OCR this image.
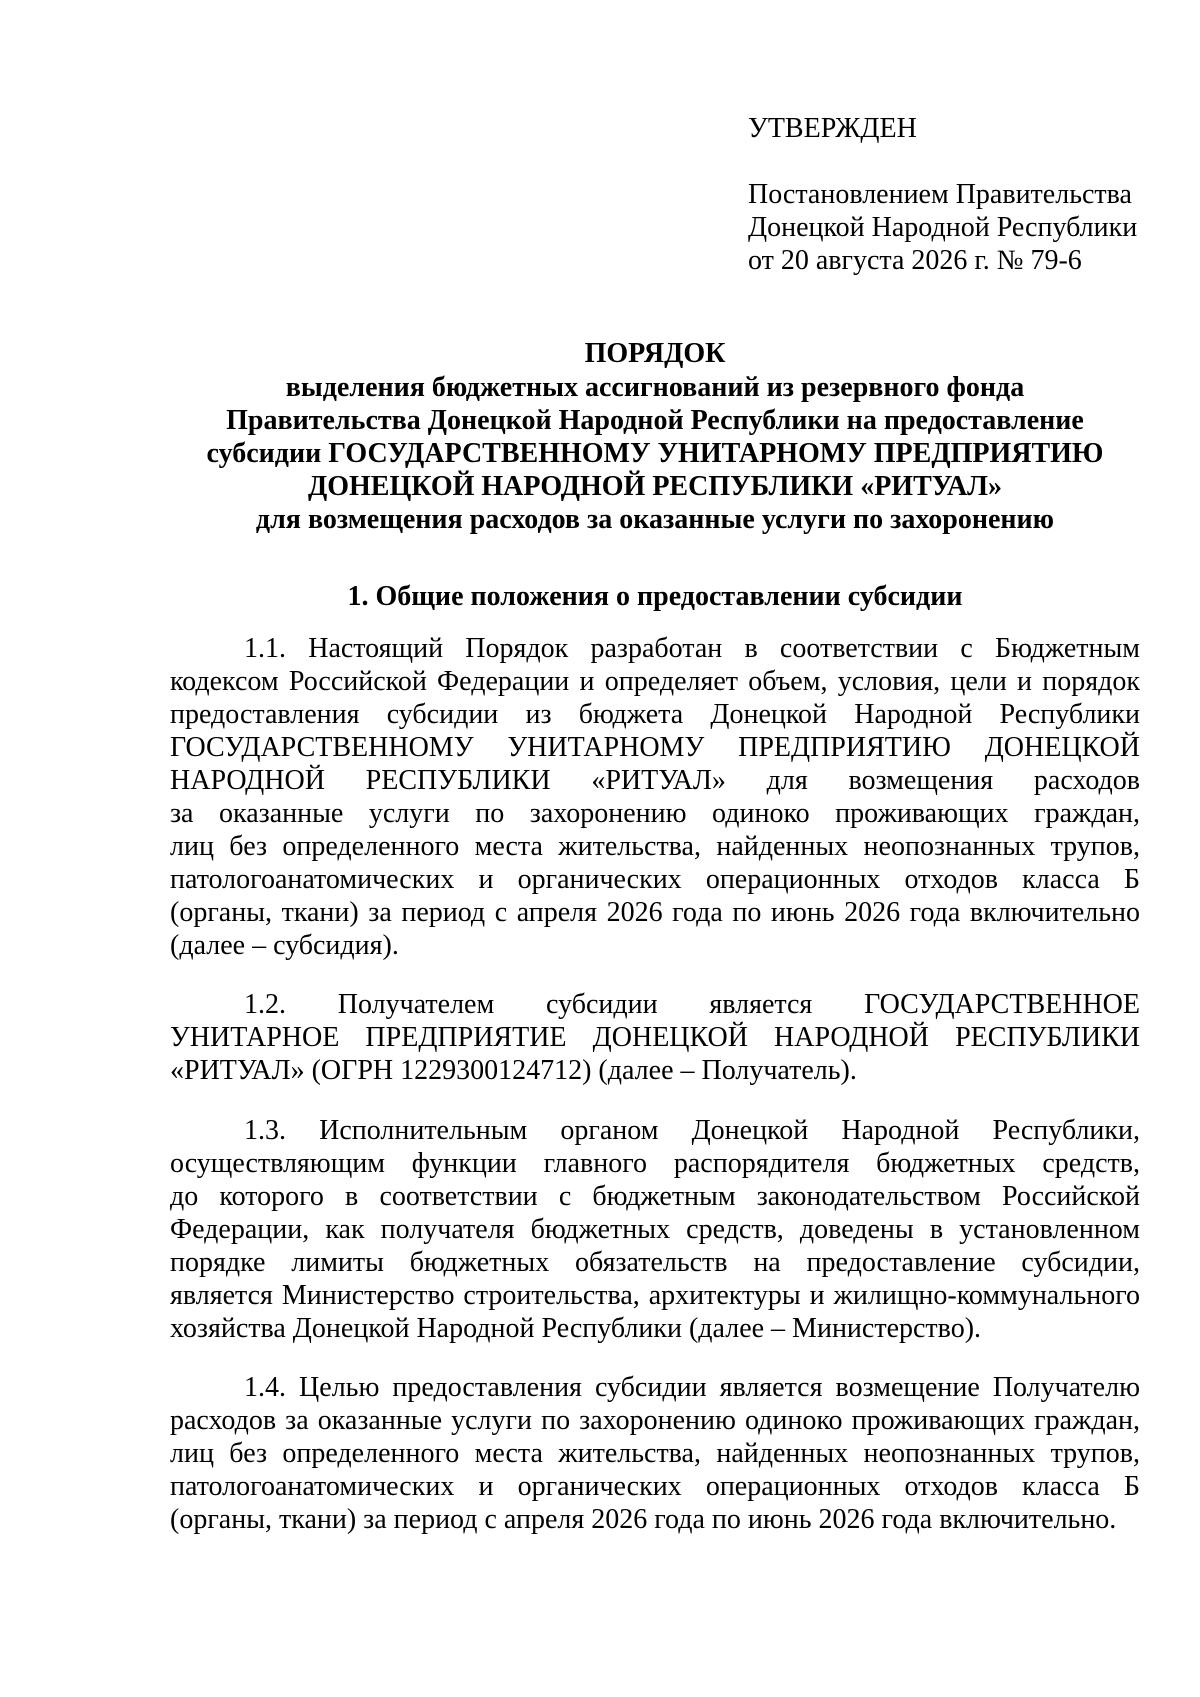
УТВЕРЖДЕН

Постановлением Правительства

Донецкой Народной Республики

от 20 августа 2026 г. № 79-6

ПОРЯДОК

выделения бюджетных ассигнований из резервного фонда

Правительства Донецкой Народной Республики на предоставление

субсидии ГОСУДАРСТВЕННОМУ УНИТАРНОМУ ПРЕДПРИЯТИЮ

ДОНЕЦКОЙ НАРОДНОЙ РЕСПУБЛИКИ «РИТУАЛ»

для возмещения расходов за оказанные услуги по захоронению

1. Общие положения о предоставлении субсидии

1.1. Настоящий Порядок разработан в соответствии с Бюджетным
кодексом Российской Федерации и определяет объем, условия, цели и порядок
предоставления субсидии из бюджета Донецкой Народной Республики
ГОСУДАРСТВЕННОМУ УНИТАРНОМУ ПРЕДПРИЯТИЮ ДОНЕЦКОЙ
НАРОДНОЙ РЕСПУБЛИКИ «РИТУАЛ» для возмещения расходов
за оказанные услуги по захоронению одиноко проживающих граждан,
лиц без определенного места жительства, найденных неопознанных трупов,
патологоанатомических и органических операционных отходов класса Б
(органы, ткани) за период с апреля 2026 года по июнь 2026 года включительно
(далее – субсидия).

1.2. Получателем субсидии является ГОСУДАРСТВЕННОЕ
УНИТАРНОЕ ПРЕДПРИЯТИЕ ДОНЕЦКОЙ НАРОДНОЙ РЕСПУБЛИКИ
«РИТУАЛ» (ОГРН 1229300124712) (далее – Получатель).

1.3. Исполнительным органом Донецкой Народной Республики,
осуществляющим функции главного распорядителя бюджетных средств,
до которого в соответствии с бюджетным законодательством Российской
Федерации, как получателя бюджетных средств, доведены в установленном
порядке лимиты бюджетных обязательств на предоставление субсидии,
является Министерство строительства, архитектуры и жилищно-коммунального
хозяйства Донецкой Народной Республики (далее – Министерство).

1.4. Целью предоставления субсидии является возмещение Получателю
расходов за оказанные услуги по захоронению одиноко проживающих граждан,
лиц без определенного места жительства, найденных неопознанных трупов,
патологоанатомических и органических операционных отходов класса Б
(органы, ткани) за период с апреля 2026 года по июнь 2026 года включительно.
